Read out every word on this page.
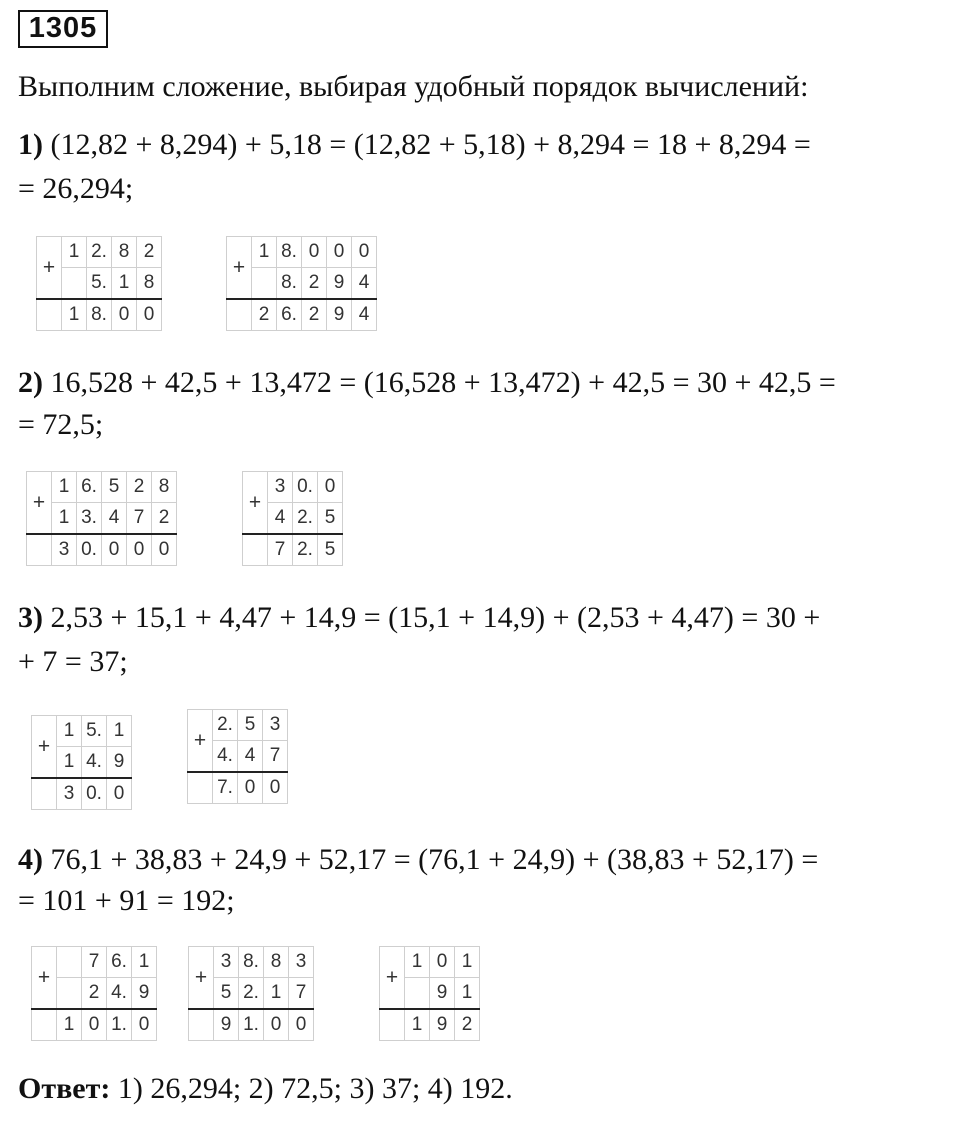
1305
Выполним сложение, выбирая удобный порядок вычислений:
1) (12,82 + 8,294) + 5,18 = (12,82 + 5,18) + 8,294 = 18 + 8,294 =
= 26,294;
2) 16,528 + 42,5 + 13,472 = (16,528 + 13,472) + 42,5 = 30 + 42,5 =
= 72,5;
3) 2,53 + 15,1 + 4,47 + 14,9 = (15,1 + 14,9) + (2,53 + 4,47) = 30 +
+ 7 = 37;
4) 76,1 + 38,83 + 24,9 + 52,17 = (76,1 + 24,9) + (38,83 + 52,17) =
= 101 + 91 = 192;
Ответ: 1) 26,294; 2) 72,5; 3) 37; 4) 192.
+	1	2.	8	2
		5.	1	8
	1	8.	0	0
+	1	8.	0	0	0
		8.	2	9	4
	2	6.	2	9	4
+	1	6.	5	2	8
	1	3.	4	7	2
	3	0.	0	0	0
+	3	0.	0
	4	2.	5
	7	2.	5
+	1	5.	1
	1	4.	9
	3	0.	0
+	2.	5	3
	4.	4	7
	7.	0	0
+		7	6.	1
		2	4.	9
	1	0	1.	0
+	3	8.	8	3
	5	2.	1	7
	9	1.	0	0
+	1	0	1
		9	1
	1	9	2
